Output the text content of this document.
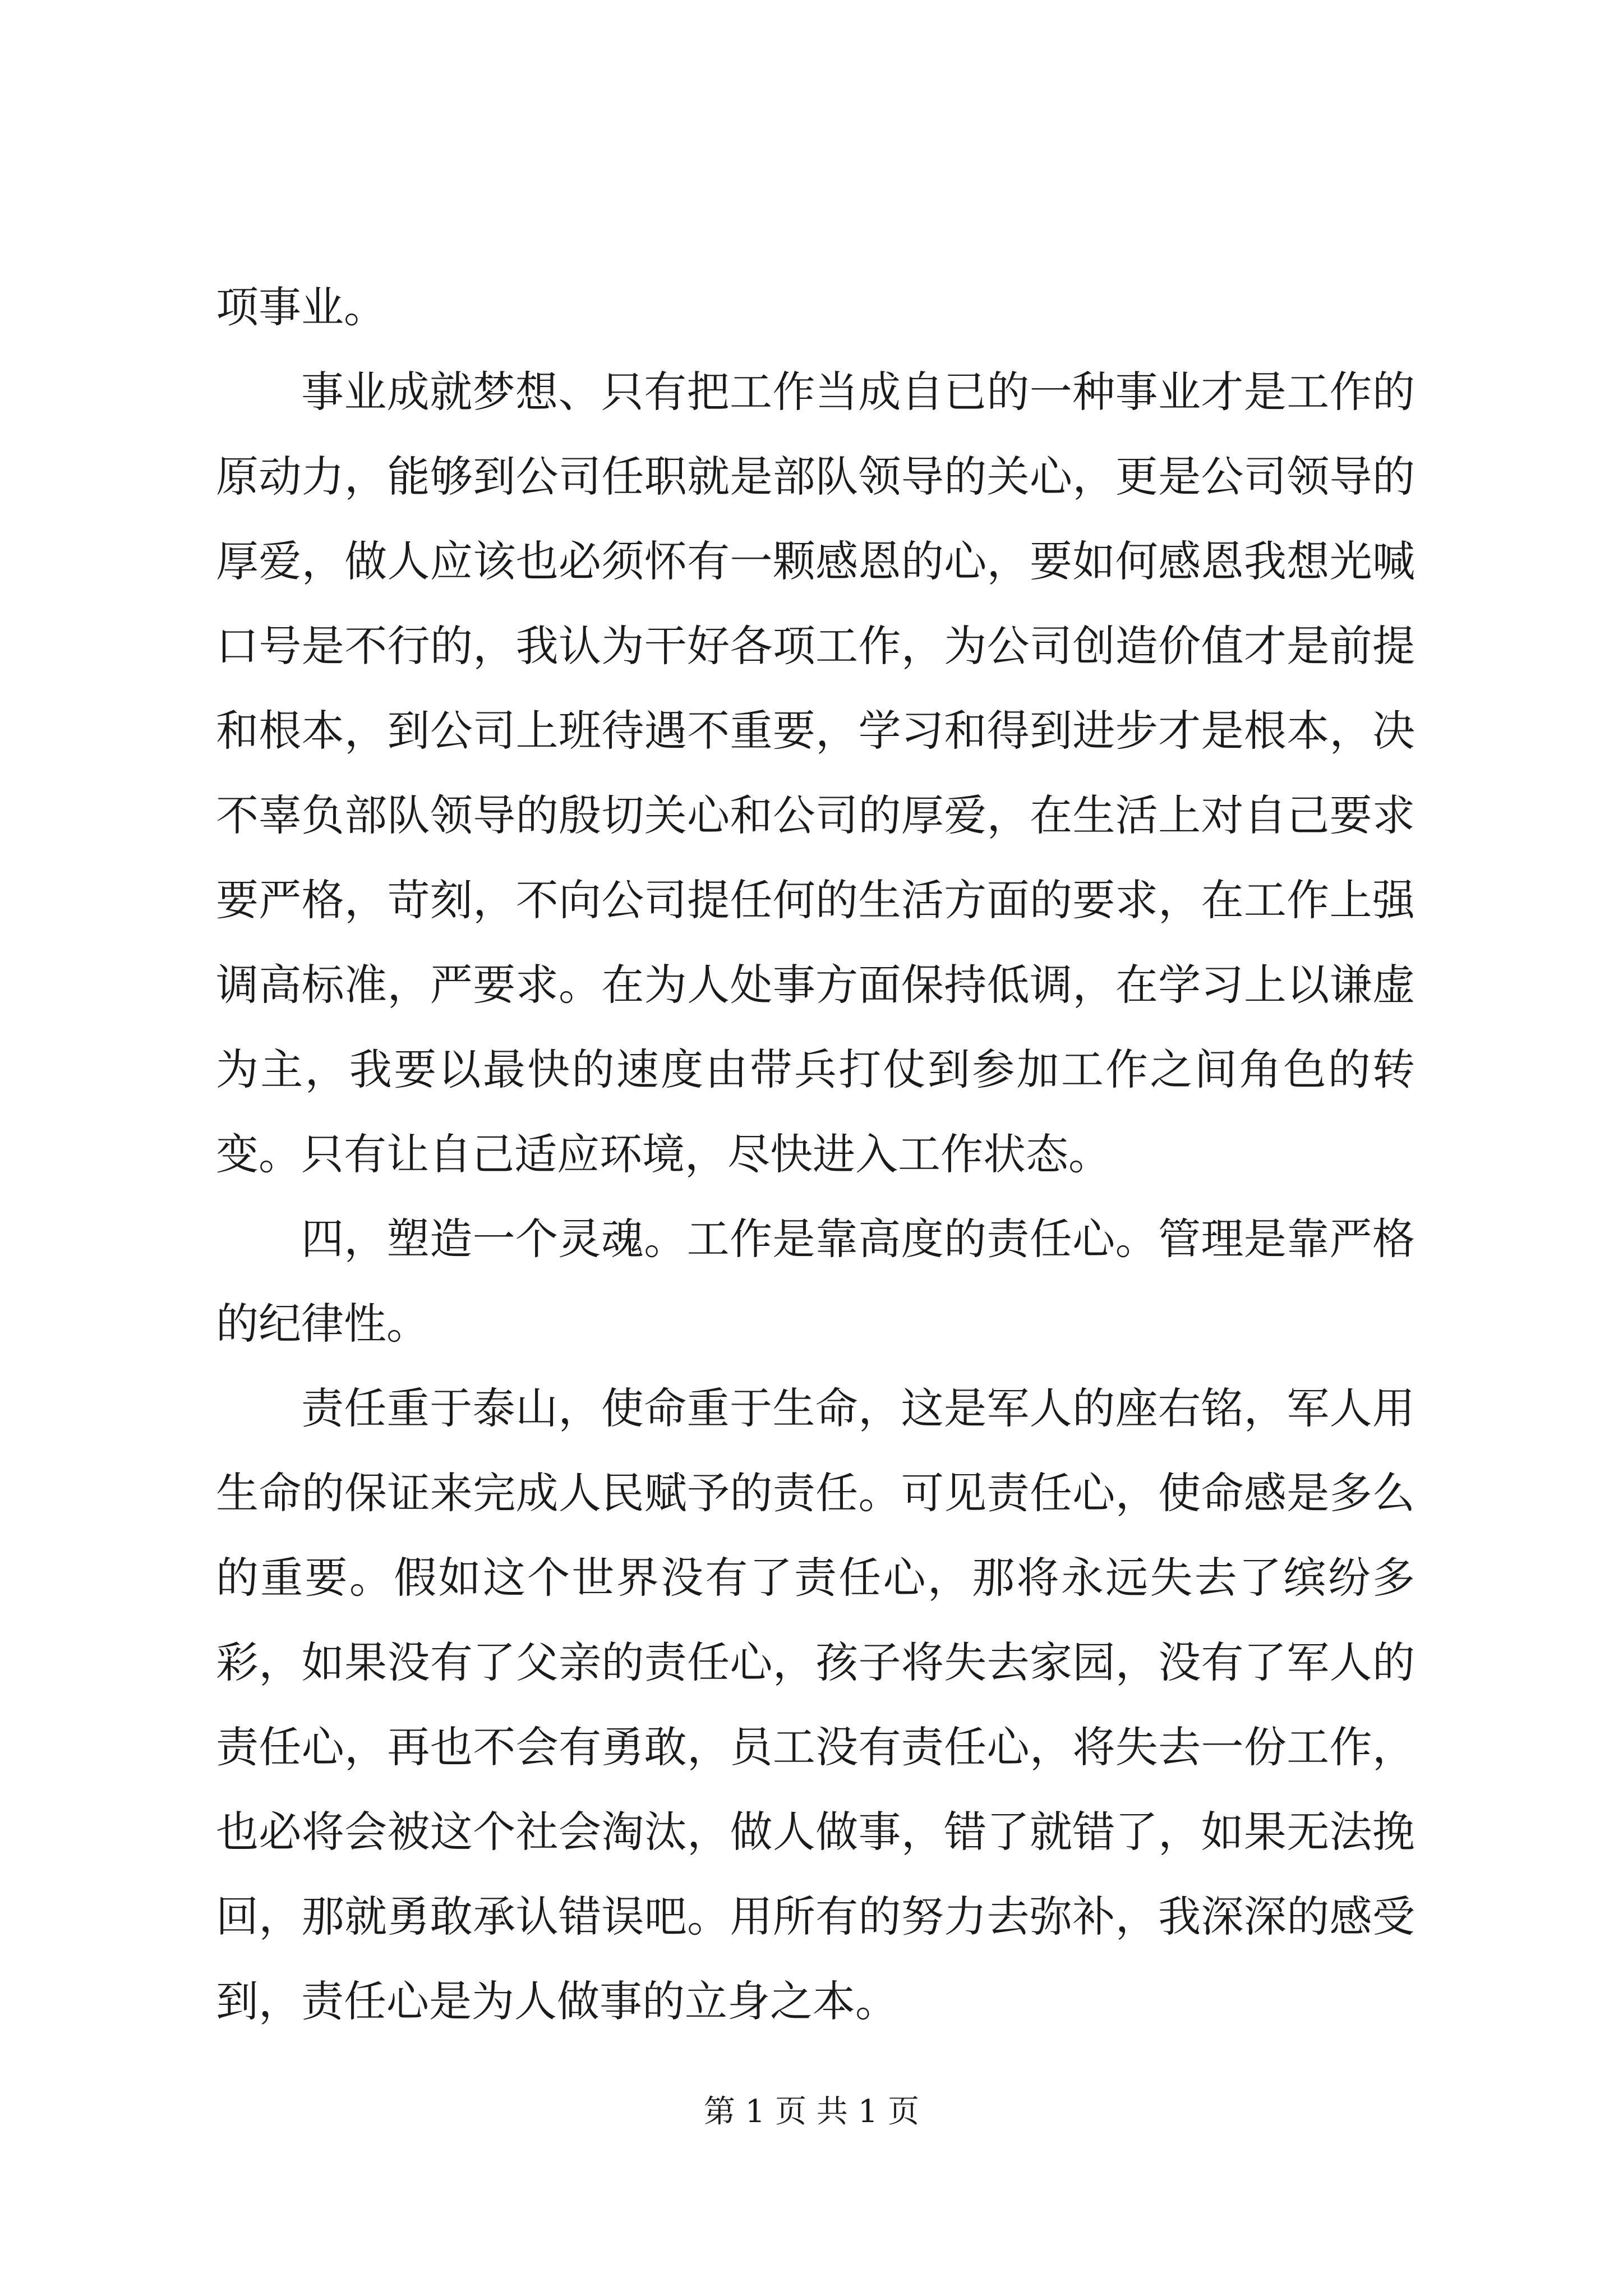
项事业。

事业成就梦想、只有把工作当成自已的一种事业才是工作的原动力，能够到公司任职就是部队领导的关心，更是公司领导的厚爱，做人应该也必须怀有一颗感恩的心，要如何感恩我想光喊口号是不行的，我认为干好各项工作，为公司创造价值才是前提和根本，到公司上班待遇不重要，学习和得到进步才是根本，决不辜负部队领导的殷切关心和公司的厚爱，在生活上对自己要求要严格，苛刻，不向公司提任何的生活方面的要求，在工作上强调高标准，严要求。在为人处事方面保持低调，在学习上以谦虚为主，我要以最快的速度由带兵打仗到参加工作之间角色的转变。只有让自己适应环境，尽快进入工作状态。

四，塑造一个灵魂。工作是靠高度的责任心。管理是靠严格的纪律性。

责任重于泰山，使命重于生命，这是军人的座右铭，军人用生命的保证来完成人民赋予的责任。可见责任心，使命感是多么的重要。假如这个世界没有了责任心，那将永远失去了缤纷多彩，如果没有了父亲的责任心，孩子将失去家园，没有了军人的责任心，再也不会有勇敢，员工没有责任心，将失去一份工作，也必将会被这个社会淘汰，做人做事，错了就错了，如果无法挽回，那就勇敢承认错误吧。用所有的努力去弥补，我深深的感受到，责任心是为人做事的立身之本。

第 1 页 共 1 页
